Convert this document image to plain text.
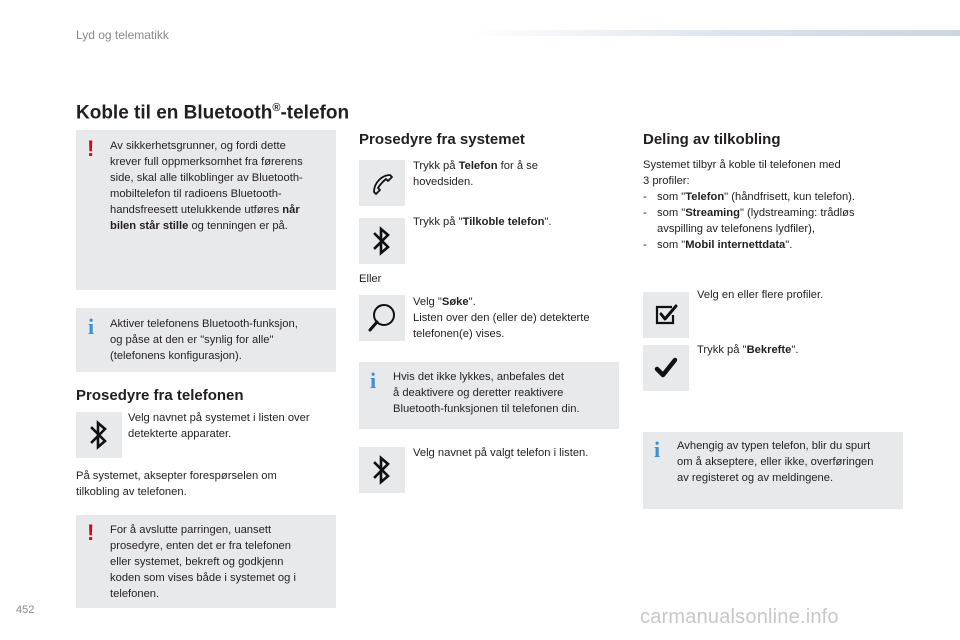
Lyd og telematikk
Koble til en Bluetooth®-telefon
! Av sikkerhetsgrunner, og fordi dette
krever full oppmerksomhet fra førerens
side, skal alle tilkoblinger av Bluetooth-
mobiltelefon til radioens Bluetooth-
handsfreesett utelukkende utføres når
bilen står stille og tenningen er på.
i Aktiver telefonens Bluetooth-funksjon,
og påse at den er "synlig for alle"
(telefonens konfigurasjon).
Prosedyre fra telefonen
Velg navnet på systemet i listen over
detekterte apparater.
På systemet, aksepter forespørselen om
tilkobling av telefonen.
! For å avslutte parringen, uansett
prosedyre, enten det er fra telefonen
eller systemet, bekreft og godkjenn
koden som vises både i systemet og i
telefonen.
Prosedyre fra systemet
Trykk på Telefon for å se
hovedsiden.
Trykk på "Tilkoble telefon".
Eller
Velg "Søke".
Listen over den (eller de) detekterte
telefonen(e) vises.
i Hvis det ikke lykkes, anbefales det
å deaktivere og deretter reaktivere
Bluetooth-funksjonen til telefonen din.
Velg navnet på valgt telefon i listen.
Deling av tilkobling
Systemet tilbyr å koble til telefonen med
3 profiler:
- som "Telefon" (håndfrisett, kun telefon).
- som "Streaming" (lydstreaming: trådløs
avspilling av telefonens lydfiler),
- som "Mobil internettdata".
Velg en eller flere profiler.
Trykk på "Bekrefte".
i Avhengig av typen telefon, blir du spurt
om å akseptere, eller ikke, overføringen
av registeret og av meldingene.
452	carmanualsonline.info
